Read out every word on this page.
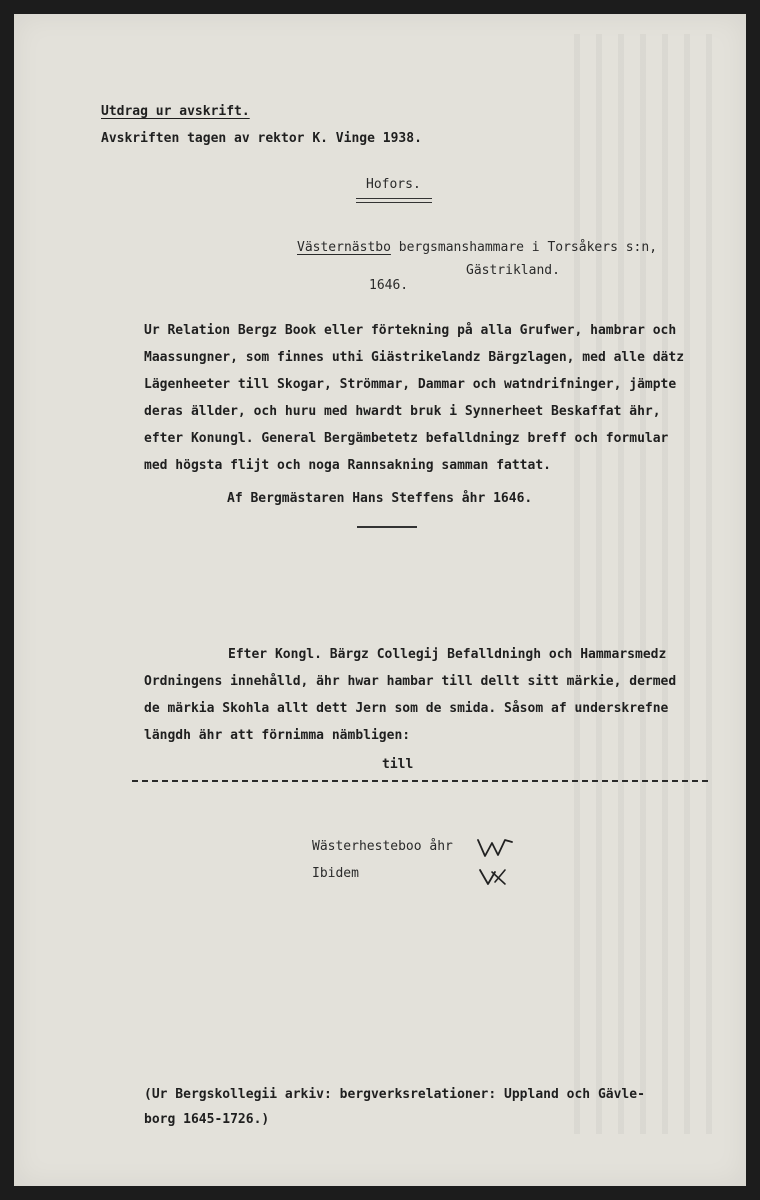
Utdrag ur avskrift.
Avskriften tagen av rektor K. Vinge 1938.
Hofors.
Västernästbo bergsmanshammare i Torsåkers s:n,
Gästrikland.
1646.
Ur Relation Bergz Book eller förtekning på alla Grufwer, hambrar och
Maassungner, som finnes uthi Giästrikelandz Bärgzlagen, med alle dätz
Lägenheeter till Skogar, Strömmar, Dammar och watndrifninger, jämpte
deras ällder, och huru med hwardt bruk i Synnerheet Beskaffat ähr,
efter Konungl. General Bergämbetetz befalldningz breff och formular
med högsta flijt och noga Rannsakning samman fattat.
Af Bergmästaren Hans Steffens åhr 1646.
Efter Kongl. Bärgz Collegij Befalldningh och Hammarsmedz
Ordningens innehålld, ähr hwar hambar till dellt sitt märkie, dermed
de märkia Skohla allt dett Jern som de smida. Såsom af underskrefne
längdh ähr att förnimma nämbligen:
till
Wästerhesteboo åhr
Ibidem
(Ur Bergskollegii arkiv: bergverksrelationer: Uppland och Gävle-
borg 1645-1726.)
